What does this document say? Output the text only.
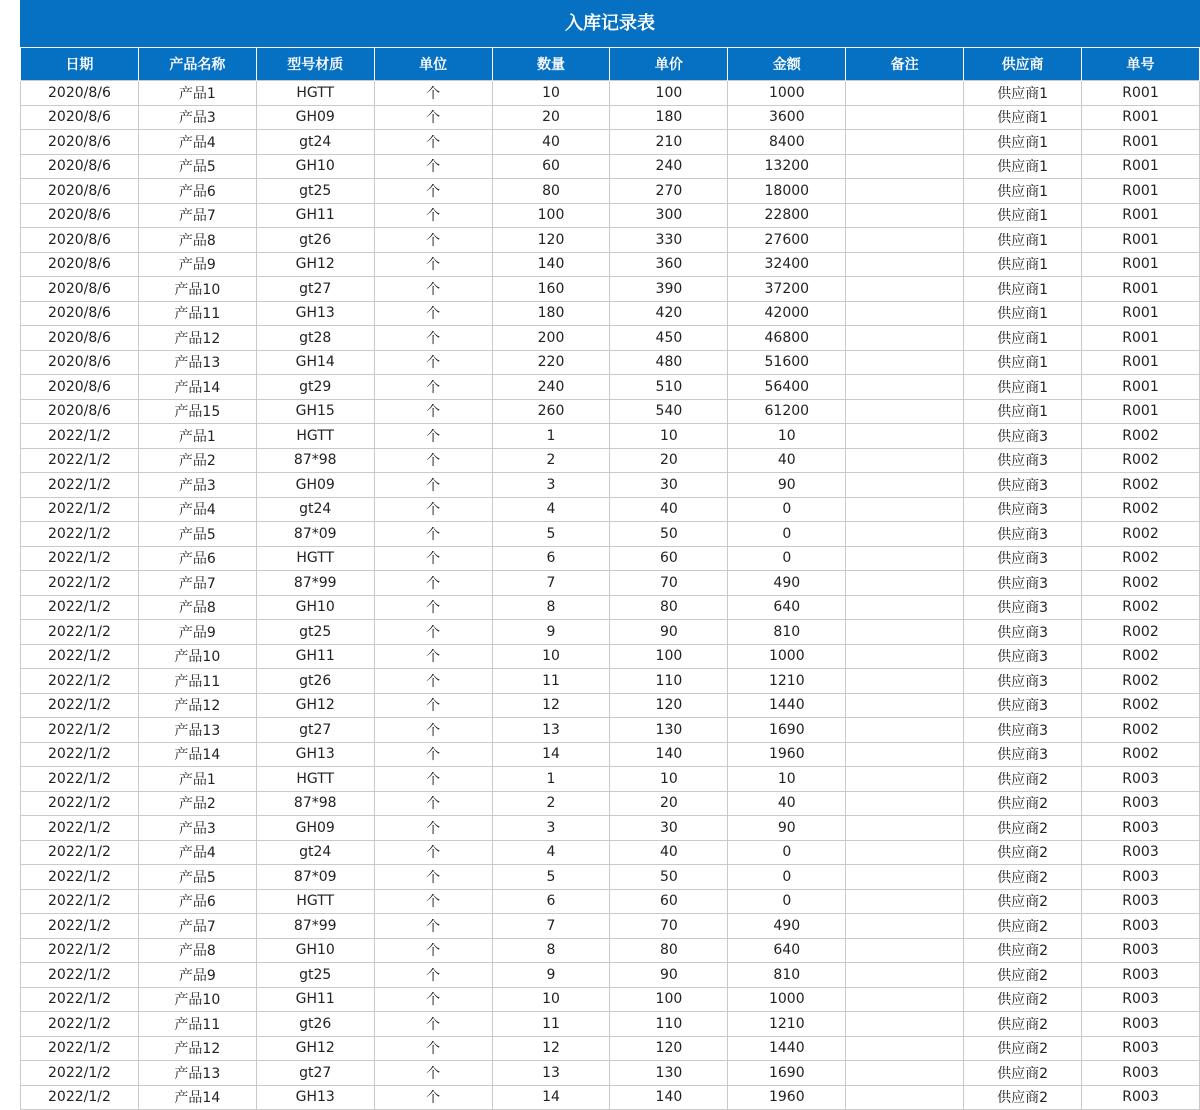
入库记录表
日期	产品名称	型号材质	单位	数量	单价	金额	备注	供应商	单号
2020/8/6	产品1	HGTT	个	10	100	1000		供应商1	R001
2020/8/6	产品3	GH09	个	20	180	3600		供应商1	R001
2020/8/6	产品4	gt24	个	40	210	8400		供应商1	R001
2020/8/6	产品5	GH10	个	60	240	13200		供应商1	R001
2020/8/6	产品6	gt25	个	80	270	18000		供应商1	R001
2020/8/6	产品7	GH11	个	100	300	22800		供应商1	R001
2020/8/6	产品8	gt26	个	120	330	27600		供应商1	R001
2020/8/6	产品9	GH12	个	140	360	32400		供应商1	R001
2020/8/6	产品10	gt27	个	160	390	37200		供应商1	R001
2020/8/6	产品11	GH13	个	180	420	42000		供应商1	R001
2020/8/6	产品12	gt28	个	200	450	46800		供应商1	R001
2020/8/6	产品13	GH14	个	220	480	51600		供应商1	R001
2020/8/6	产品14	gt29	个	240	510	56400		供应商1	R001
2020/8/6	产品15	GH15	个	260	540	61200		供应商1	R001
2022/1/2	产品1	HGTT	个	1	10	10		供应商3	R002
2022/1/2	产品2	87*98	个	2	20	40		供应商3	R002
2022/1/2	产品3	GH09	个	3	30	90		供应商3	R002
2022/1/2	产品4	gt24	个	4	40	0		供应商3	R002
2022/1/2	产品5	87*09	个	5	50	0		供应商3	R002
2022/1/2	产品6	HGTT	个	6	60	0		供应商3	R002
2022/1/2	产品7	87*99	个	7	70	490		供应商3	R002
2022/1/2	产品8	GH10	个	8	80	640		供应商3	R002
2022/1/2	产品9	gt25	个	9	90	810		供应商3	R002
2022/1/2	产品10	GH11	个	10	100	1000		供应商3	R002
2022/1/2	产品11	gt26	个	11	110	1210		供应商3	R002
2022/1/2	产品12	GH12	个	12	120	1440		供应商3	R002
2022/1/2	产品13	gt27	个	13	130	1690		供应商3	R002
2022/1/2	产品14	GH13	个	14	140	1960		供应商3	R002
2022/1/2	产品1	HGTT	个	1	10	10		供应商2	R003
2022/1/2	产品2	87*98	个	2	20	40		供应商2	R003
2022/1/2	产品3	GH09	个	3	30	90		供应商2	R003
2022/1/2	产品4	gt24	个	4	40	0		供应商2	R003
2022/1/2	产品5	87*09	个	5	50	0		供应商2	R003
2022/1/2	产品6	HGTT	个	6	60	0		供应商2	R003
2022/1/2	产品7	87*99	个	7	70	490		供应商2	R003
2022/1/2	产品8	GH10	个	8	80	640		供应商2	R003
2022/1/2	产品9	gt25	个	9	90	810		供应商2	R003
2022/1/2	产品10	GH11	个	10	100	1000		供应商2	R003
2022/1/2	产品11	gt26	个	11	110	1210		供应商2	R003
2022/1/2	产品12	GH12	个	12	120	1440		供应商2	R003
2022/1/2	产品13	gt27	个	13	130	1690		供应商2	R003
2022/1/2	产品14	GH13	个	14	140	1960		供应商2	R003
